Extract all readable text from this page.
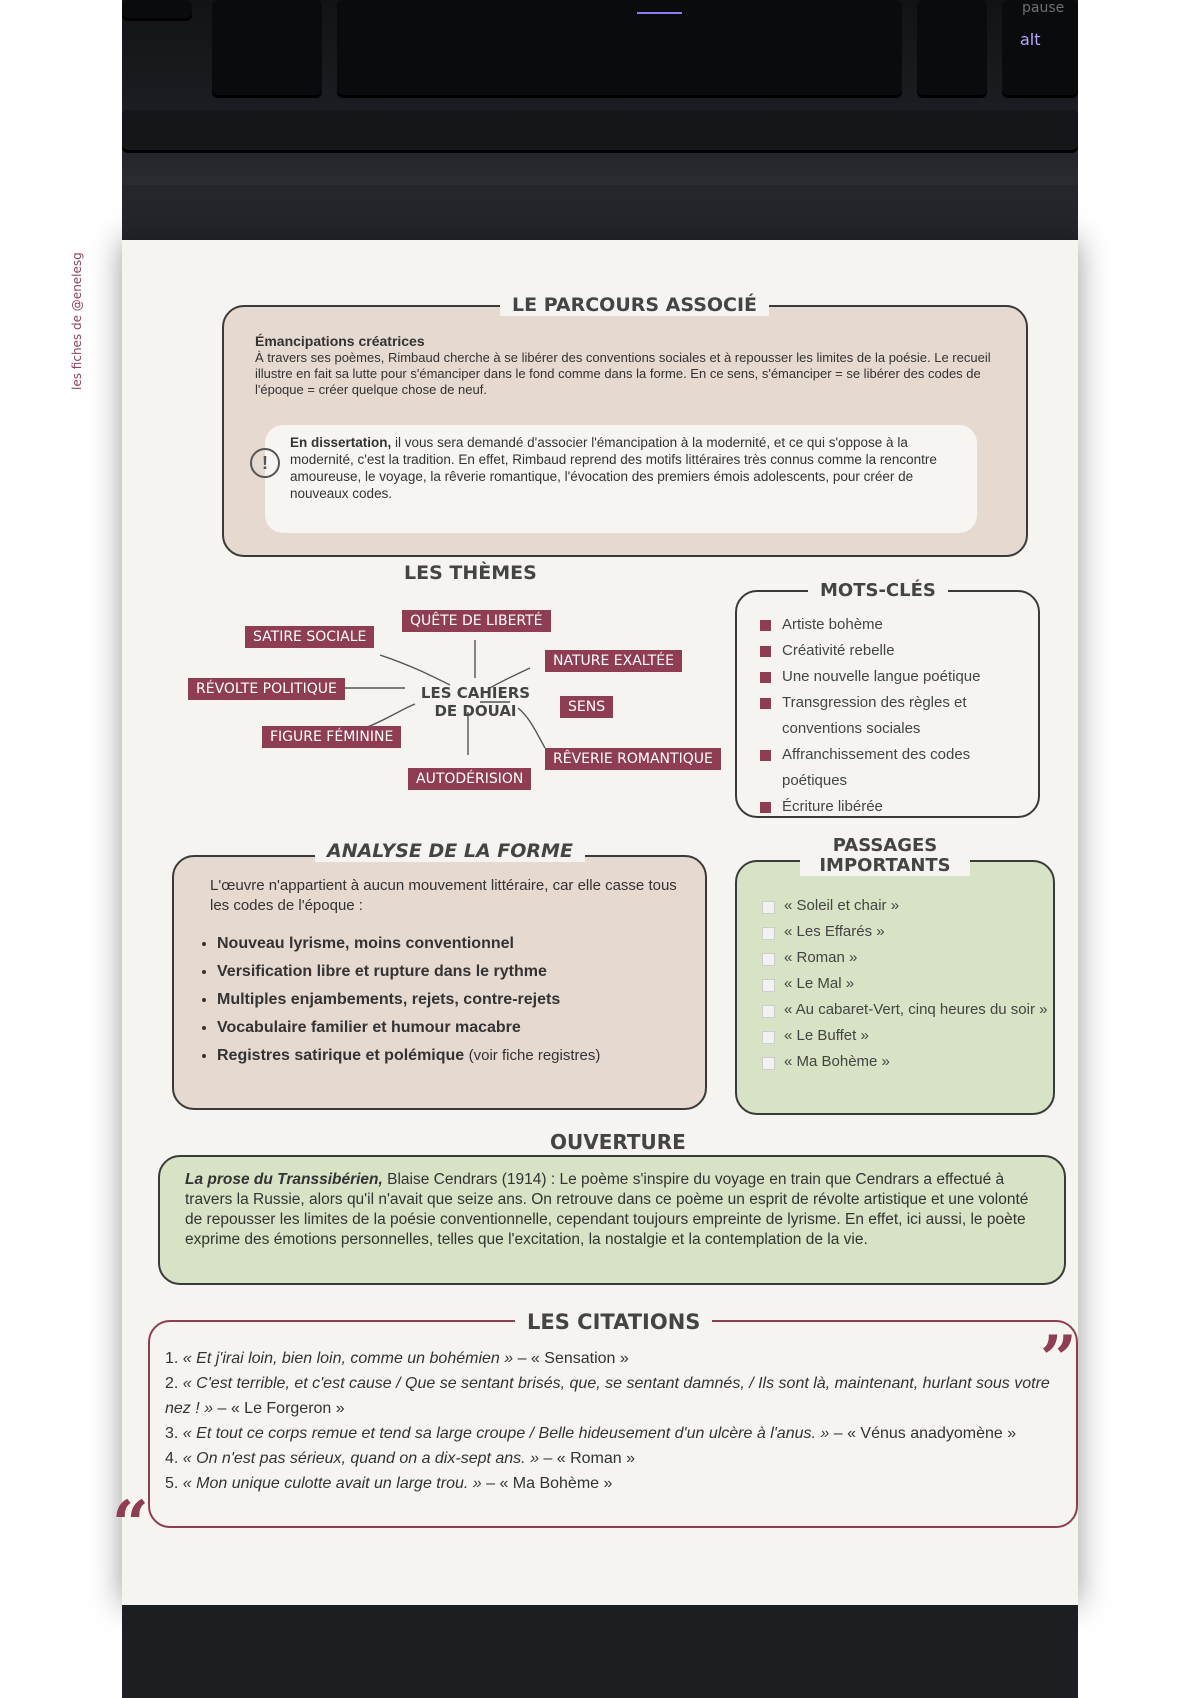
pause
alt
les fiches de @enelesg	LE PARCOURS ASSOCIÉ
Émancipations créatrices
À travers ses poèmes, Rimbaud cherche à se libérer des conventions sociales et à repousser les limites de la poésie. Le recueil illustre en fait sa lutte pour s'émanciper dans le fond comme dans la forme. En ce sens, s'émanciper = se libérer des codes de l'époque = créer quelque chose de neuf.
!
En dissertation, il vous sera demandé d'associer l'émancipation à la modernité, et ce qui s'oppose à la modernité, c'est la tradition. En effet, Rimbaud reprend des motifs littéraires très connus comme la rencontre amoureuse, le voyage, la rêverie romantique, l'évocation des premiers émois adolescents, pour créer de nouveaux codes.
LES THÈMES
QUÊTE DE LIBERTÉ
SATIRE SOCIALE
NATURE EXALTÉE
RÉVOLTE POLITIQUE
SENS
FIGURE FÉMININE
RÊVERIE ROMANTIQUE
AUTODÉRISION
LES CAHIERS
DE DOUAI
MOTS-CLÉS
Artiste bohème
Créativité rebelle
Une nouvelle langue poétique
Transgression des règles et conventions sociales
Affranchissement des codes poétiques
Écriture libérée
ANALYSE DE LA FORME
L'œuvre n'appartient à aucun mouvement littéraire, car elle casse tous les codes de l'époque :
• Nouveau lyrisme, moins conventionnel
• Versification libre et rupture dans le rythme
• Multiples enjambements, rejets, contre-rejets
• Vocabulaire familier et humour macabre
• Registres satirique et polémique (voir fiche registres)
PASSAGES
IMPORTANTS
« Soleil et chair »
« Les Effarés »
« Roman »
« Le Mal »
« Au cabaret-Vert, cinq heures du soir »
« Le Buffet »
« Ma Bohème »
OUVERTURE
La prose du Transsibérien, Blaise Cendrars (1914) : Le poème s'inspire du voyage en train que Cendrars a effectué à travers la Russie, alors qu'il n'avait que seize ans. On retrouve dans ce poème un esprit de révolte artistique et une volonté de repousser les limites de la poésie conventionnelle, cependant toujours empreinte de lyrisme. En effet, ici aussi, le poète exprime des émotions personnelles, telles que l'excitation, la nostalgie et la contemplation de la vie.
LES CITATIONS	”
“

1. « Et j'irai loin, bien loin, comme un bohémien » – « Sensation »

2. « C'est terrible, et c'est cause / Que se sentant brisés, que, se sentant damnés, / Ils sont là, maintenant, hurlant sous votre nez ! » – « Le Forgeron »

3. « Et tout ce corps remue et tend sa large croupe / Belle hideusement d'un ulcère à l'anus. » – « Vénus anadyomène »

4. « On n'est pas sérieux, quand on a dix-sept ans. » – « Roman »

5. « Mon unique culotte avait un large trou. » – « Ma Bohème »
